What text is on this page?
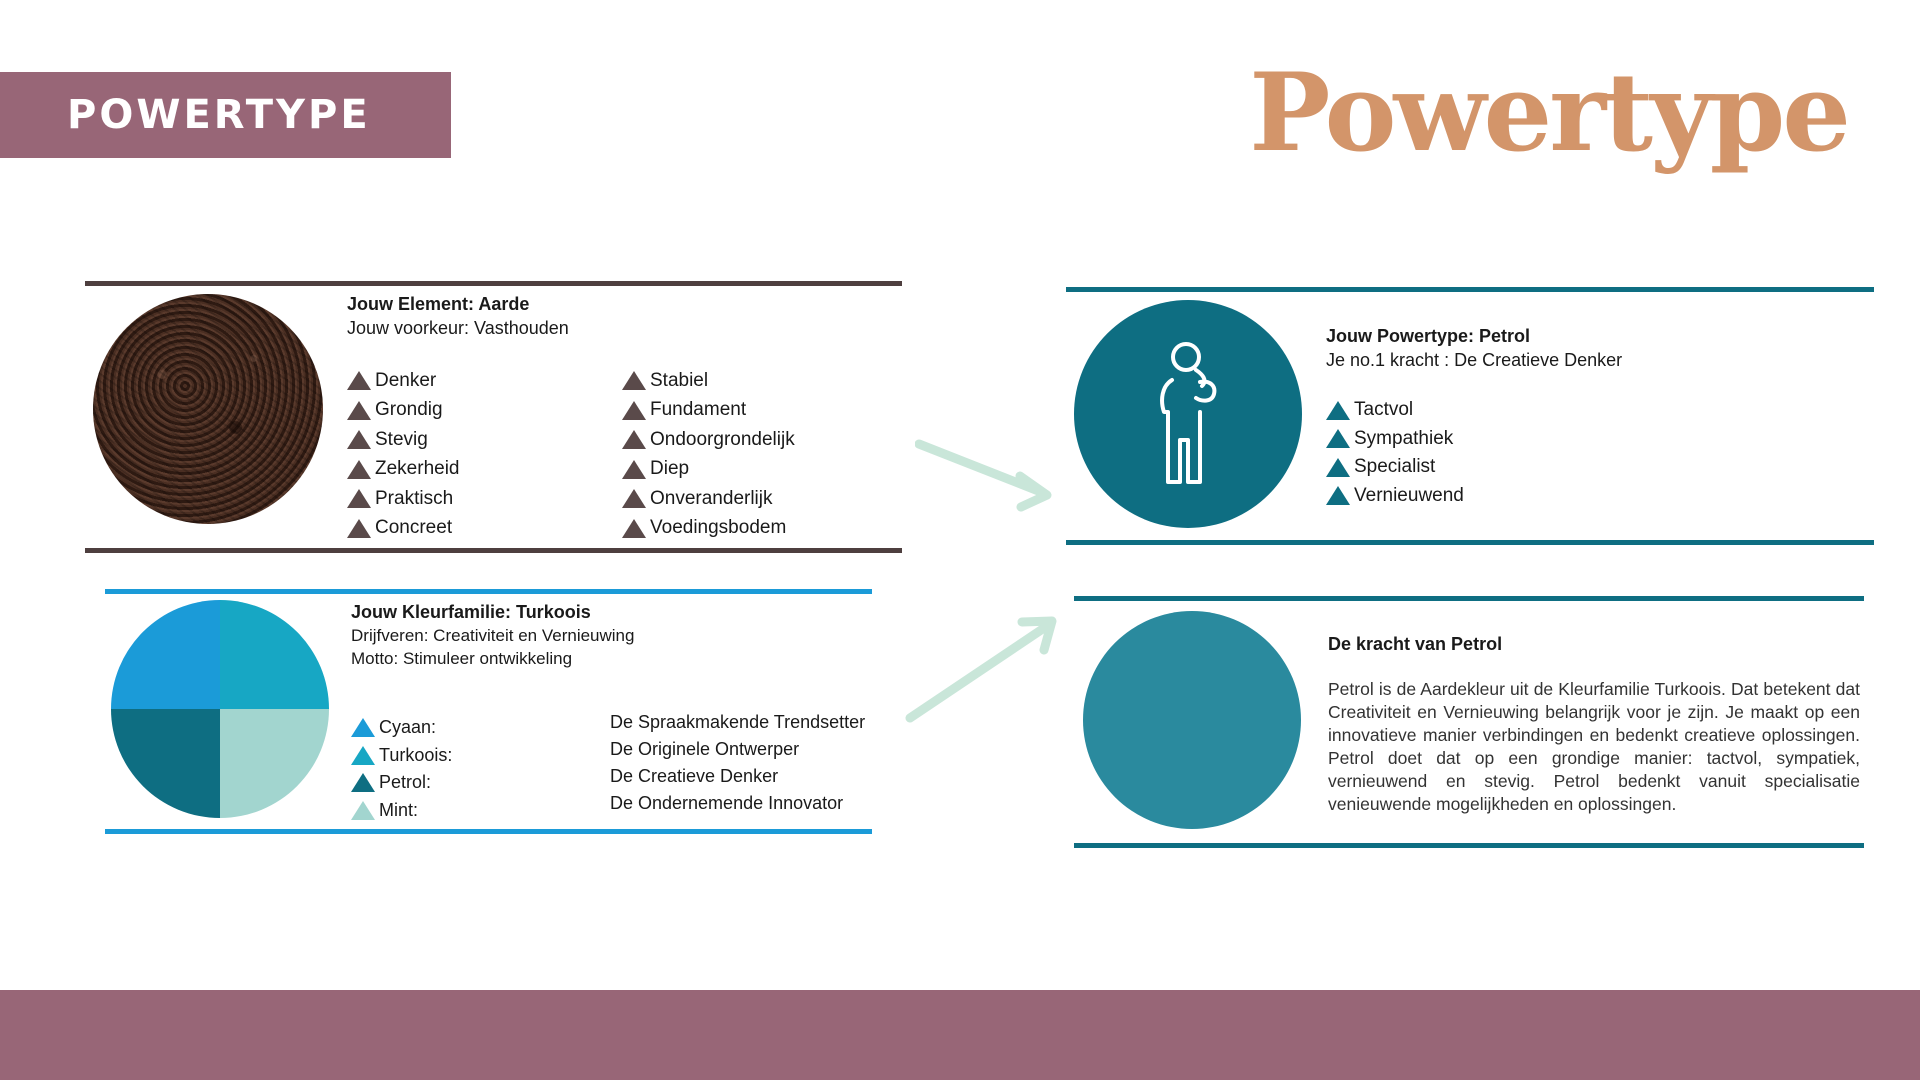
POWERTYPE	Powertype
Jouw Element: Aarde
Jouw voorkeur: Vasthouden
Denker
Grondig
Stevig
Zekerheid
Praktisch
Concreet
Stabiel
Fundament
Ondoorgrondelijk
Diep
Onveranderlijk
Voedingsbodem
Jouw Kleurfamilie: Turkoois
Drijfveren: Creativiteit en Vernieuwing
Motto: Stimuleer ontwikkeling
Cyaan:
Turkoois:
Petrol:
Mint:
De Spraakmakende Trendsetter
De Originele Ontwerper
De Creatieve Denker
De Ondernemende Innovator
Jouw Powertype: Petrol
Je no.1 kracht : De Creatieve Denker
Tactvol
Sympathiek
Specialist
Vernieuwend
De kracht van Petrol
Petrol is de Aardekleur uit de Kleurfamilie Turkoois. Dat betekent dat Creativiteit en Vernieuwing belangrijk voor je zijn. Je maakt op een innovatieve manier verbindingen en bedenkt creatieve oplossingen. Petrol doet dat op een grondige manier: tactvol, sympatiek, vernieuwend en stevig. Petrol bedenkt vanuit specialisatie venieuwende mogelijkheden en oplossingen.
